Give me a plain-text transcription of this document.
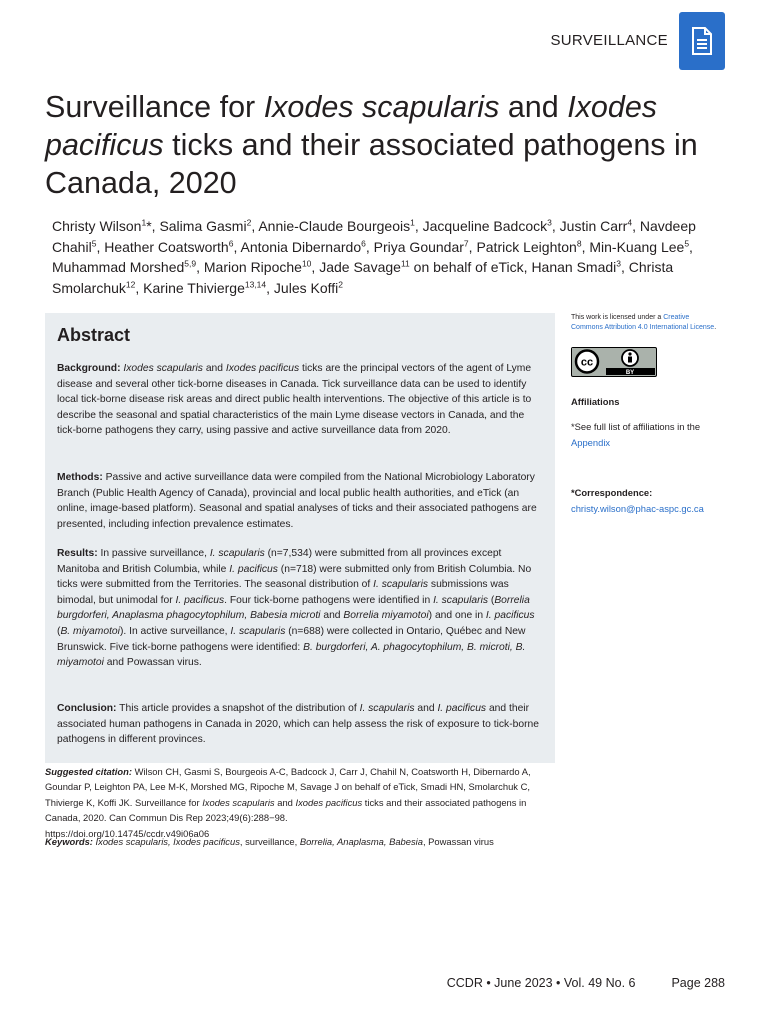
SURVEILLANCE
Surveillance for Ixodes scapularis and Ixodes
pacificus ticks and their associated pathogens in
Canada, 2020
Christy Wilson$^1$*, Salima Gasmi$^2$, Annie-Claude Bourgeois$^1$, Jacqueline Badcock$^3$, Justin Carr$^4$, Navdeep Chahil$^5$, Heather Coatsworth$^6$, Antonia Dibernardo$^6$, Priya Goundar$^7$, Patrick Leighton$^8$, Min-Kuang Lee$^5$, Muhammad Morshed$^{5,9}$, Marion Ripoche$^{10}$, Jade Savage$^{11}$ on behalf of eTick, Hanan Smadi$^3$, Christa Smolarchuk$^{12}$, Karine Thivierge$^{13,14}$, Jules Koffi$^2$
Abstract

Background: Ixodes scapularis and Ixodes pacificus ticks are the principal vectors of the agent of Lyme disease and several other tick-borne diseases in Canada. Tick surveillance data can be used to identify local tick-borne disease risk areas and direct public health interventions. The objective of this article is to describe the seasonal and spatial characteristics of the main Lyme disease vectors in Canada, and the tick-borne pathogens they carry, using passive and active surveillance data from 2020.

Methods: Passive and active surveillance data were compiled from the National Microbiology Laboratory Branch (Public Health Agency of Canada), provincial and local public health authorities, and eTick (an online, image-based platform). Seasonal and spatial analyses of ticks and their associated pathogens are presented, including infection prevalence estimates.

Results: In passive surveillance, I. scapularis (n=7,534) were submitted from all provinces except Manitoba and British Columbia, while I. pacificus (n=718) were submitted only from British Columbia. No ticks were submitted from the Territories. The seasonal distribution of I. scapularis submissions was bimodal, but unimodal for I. pacificus. Four tick-borne pathogens were identified in I. scapularis (Borrelia burgdorferi, Anaplasma phagocytophilum, Babesia microti and Borrelia miyamotoi) and one in I. pacificus (B. miyamotoi). In active surveillance, I. scapularis (n=688) were collected in Ontario, Québec and New Brunswick. Five tick-borne pathogens were identified: B. burgdorferi, A. phagocytophilum, B. microti, B. miyamotoi and Powassan virus.

Conclusion: This article provides a snapshot of the distribution of I. scapularis and I. pacificus and their associated human pathogens in Canada in 2020, which can help assess the risk of exposure to tick-borne pathogens in different provinces.

Suggested citation: Wilson CH, Gasmi S, Bourgeois A-C, Badcock J, Carr J, Chahil N, Coatsworth H, Dibernardo A, Goundar P, Leighton PA, Lee M-K, Morshed MG, Ripoche M, Savage J on behalf of eTick, Smadi HN, Smolarchuk C, Thivierge K, Koffi JK. Surveillance for Ixodes scapularis and Ixodes pacificus ticks and their associated pathogens in Canada, 2020. Can Commun Dis Rep 2023;49(6):288−98.
https://doi.org/10.14745/ccdr.v49i06a06
Keywords: Ixodes scapularis, Ixodes pacificus, surveillance, Borrelia, Anaplasma, Babesia, Powassan virus
This work is licensed under a Creative Commons Attribution 4.0 International License.
cc
BY
Affiliations
*See full list of affiliations in the
Appendix
*Correspondence:
christy.wilson@phac-aspc.gc.ca
CCDR • June 2023 • Vol. 49 No. 6	Page 288
